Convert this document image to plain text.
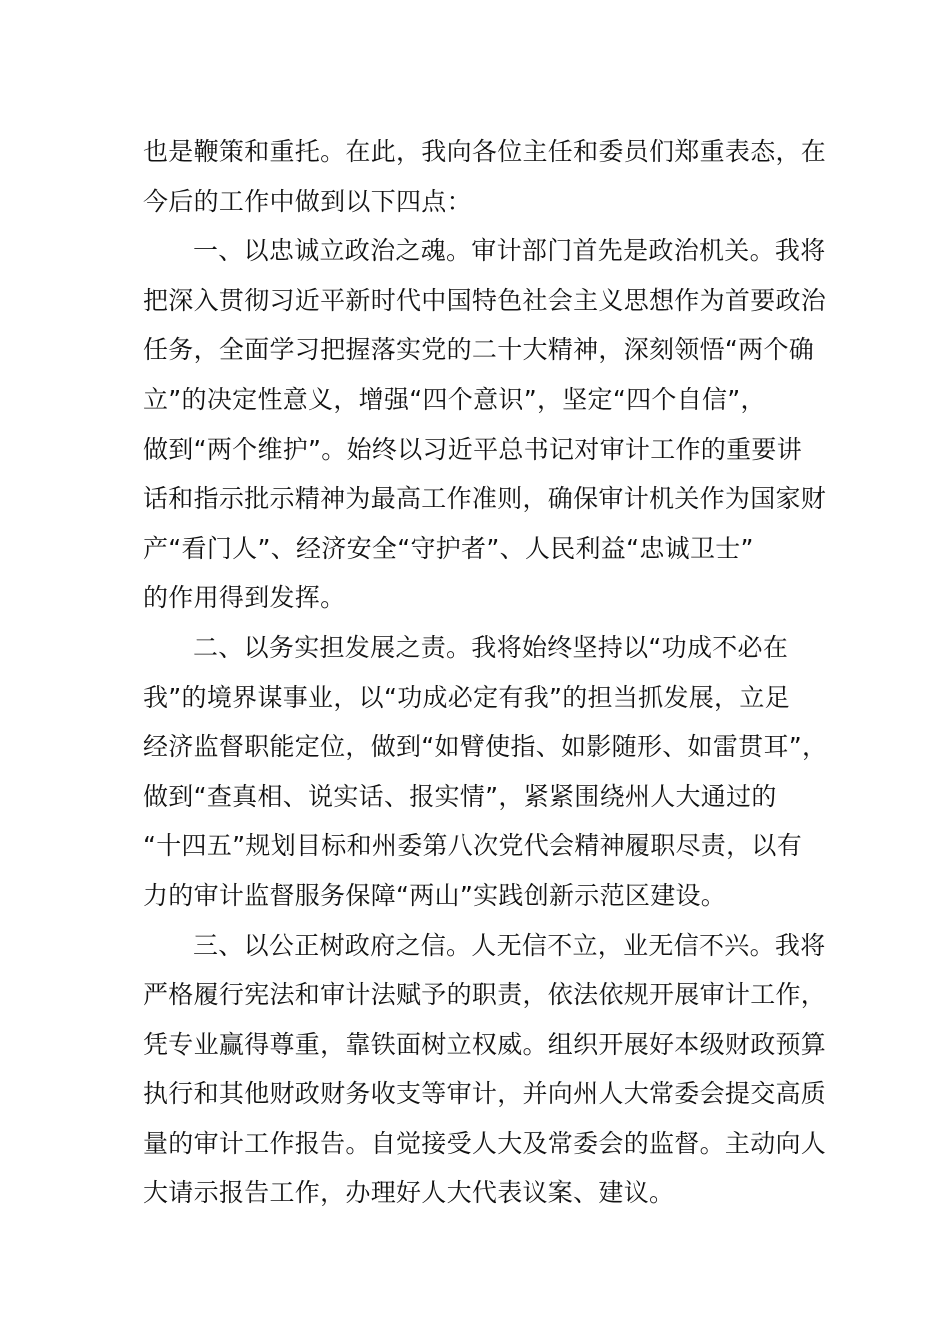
也是鞭策和重托。在此，我向各位主任和委员们郑重表态，在
今后的工作中做到以下四点：
一、以忠诚立政治之魂。审计部门首先是政治机关。我将
把深入贯彻习近平新时代中国特色社会主义思想作为首要政治
任务，全面学习把握落实党的二十大精神，深刻领悟“两个确
立”的决定性意义，增强“四个意识”，坚定“四个自信”，
做到“两个维护”。始终以习近平总书记对审计工作的重要讲
话和指示批示精神为最高工作准则，确保审计机关作为国家财
产“看门人”、经济安全“守护者”、人民利益“忠诚卫士”
的作用得到发挥。
二、以务实担发展之责。我将始终坚持以“功成不必在
我”的境界谋事业，以“功成必定有我”的担当抓发展，立足
经济监督职能定位，做到“如臂使指、如影随形、如雷贯耳”，
做到“查真相、说实话、报实情”，紧紧围绕州人大通过的
“十四五”规划目标和州委第八次党代会精神履职尽责，以有
力的审计监督服务保障“两山”实践创新示范区建设。
三、以公正树政府之信。人无信不立，业无信不兴。我将
严格履行宪法和审计法赋予的职责，依法依规开展审计工作，
凭专业赢得尊重，靠铁面树立权威。组织开展好本级财政预算
执行和其他财政财务收支等审计，并向州人大常委会提交高质
量的审计工作报告。自觉接受人大及常委会的监督。主动向人
大请示报告工作，办理好人大代表议案、建议。
